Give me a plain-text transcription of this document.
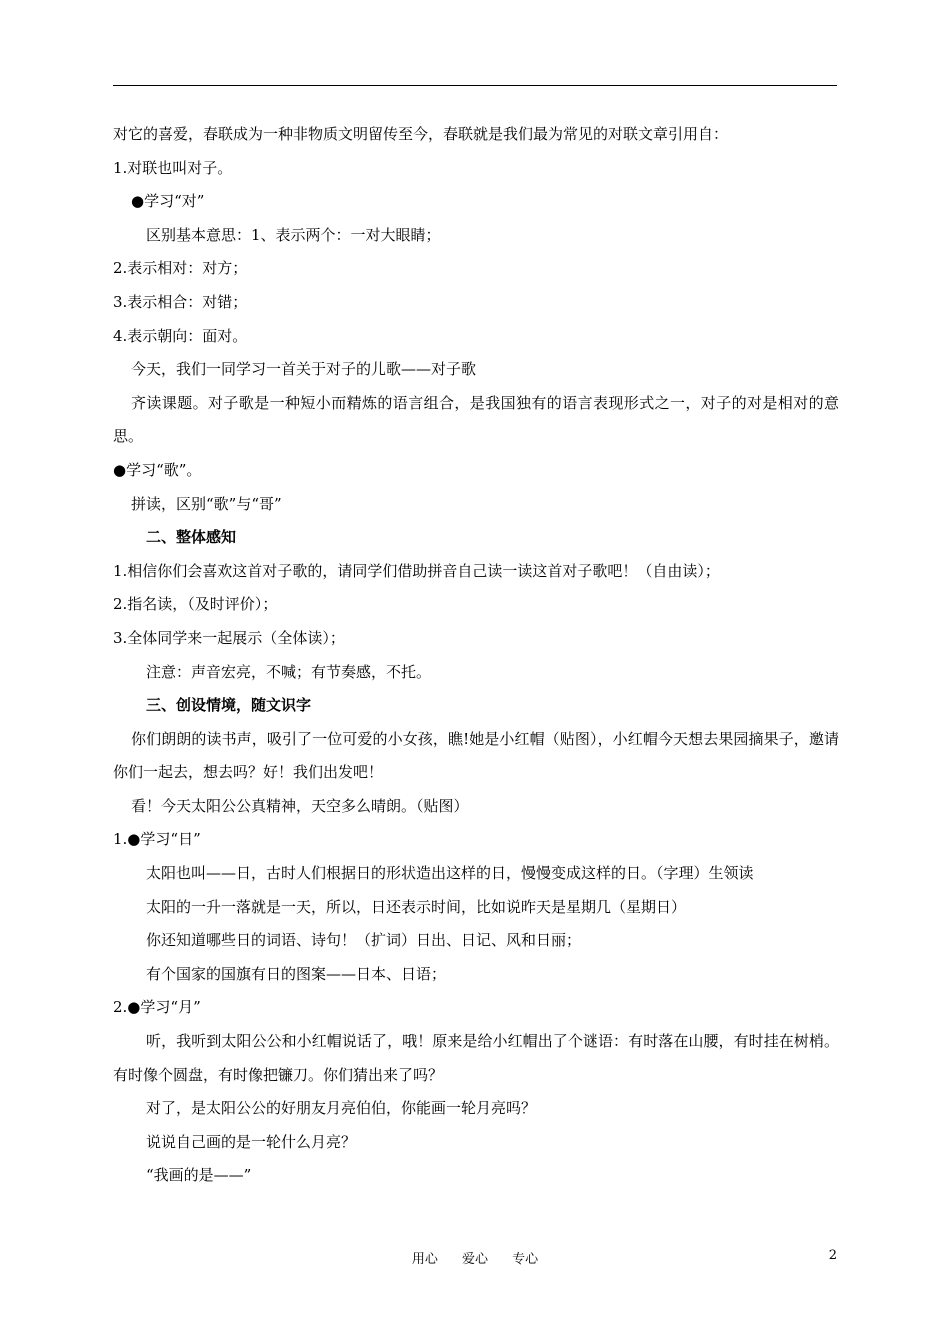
对它的喜爱，春联成为一种非物质文明留传至今，春联就是我们最为常见的对联文章引用自：
1.对联也叫对子。
●学习“对”
区别基本意思：1、表示两个：一对大眼睛；
2.表示相对：对方；
3.表示相合：对错；
4.表示朝向：面对。
今天，我们一同学习一首关于对子的儿歌——对子歌
齐读课题。对子歌是一种短小而精炼的语言组合，是我国独有的语言表现形式之一，对子的对是相对的意思。
●学习“歌”。
拼读，区别“歌”与“哥”
二、整体感知
1.相信你们会喜欢这首对子歌的，请同学们借助拼音自己读一读这首对子歌吧！（自由读）；
2.指名读，（及时评价）；
3.全体同学来一起展示（全体读）；
注意：声音宏亮，不喊；有节奏感，不托。
三、创设情境，随文识字
你们朗朗的读书声，吸引了一位可爱的小女孩，瞧!她是小红帽（贴图），小红帽今天想去果园摘果子，邀请你们一起去，想去吗？好！我们出发吧！
看！今天太阳公公真精神，天空多么晴朗。（贴图）
1.●学习“日”
太阳也叫——日，古时人们根据日的形状造出这样的日，慢慢变成这样的日。（字理）生领读
太阳的一升一落就是一天，所以，日还表示时间，比如说昨天是星期几（星期日）
你还知道哪些日的词语、诗句！（扩词）日出、日记、风和日丽；
有个国家的国旗有日的图案——日本、日语；
2.●学习“月”
听，我听到太阳公公和小红帽说话了，哦！原来是给小红帽出了个谜语：有时落在山腰，有时挂在树梢。有时像个圆盘，有时像把镰刀。你们猜出来了吗？
对了，是太阳公公的好朋友月亮伯伯，你能画一轮月亮吗？
说说自己画的是一轮什么月亮？
“我画的是——”
用心 爱心 专心	2
